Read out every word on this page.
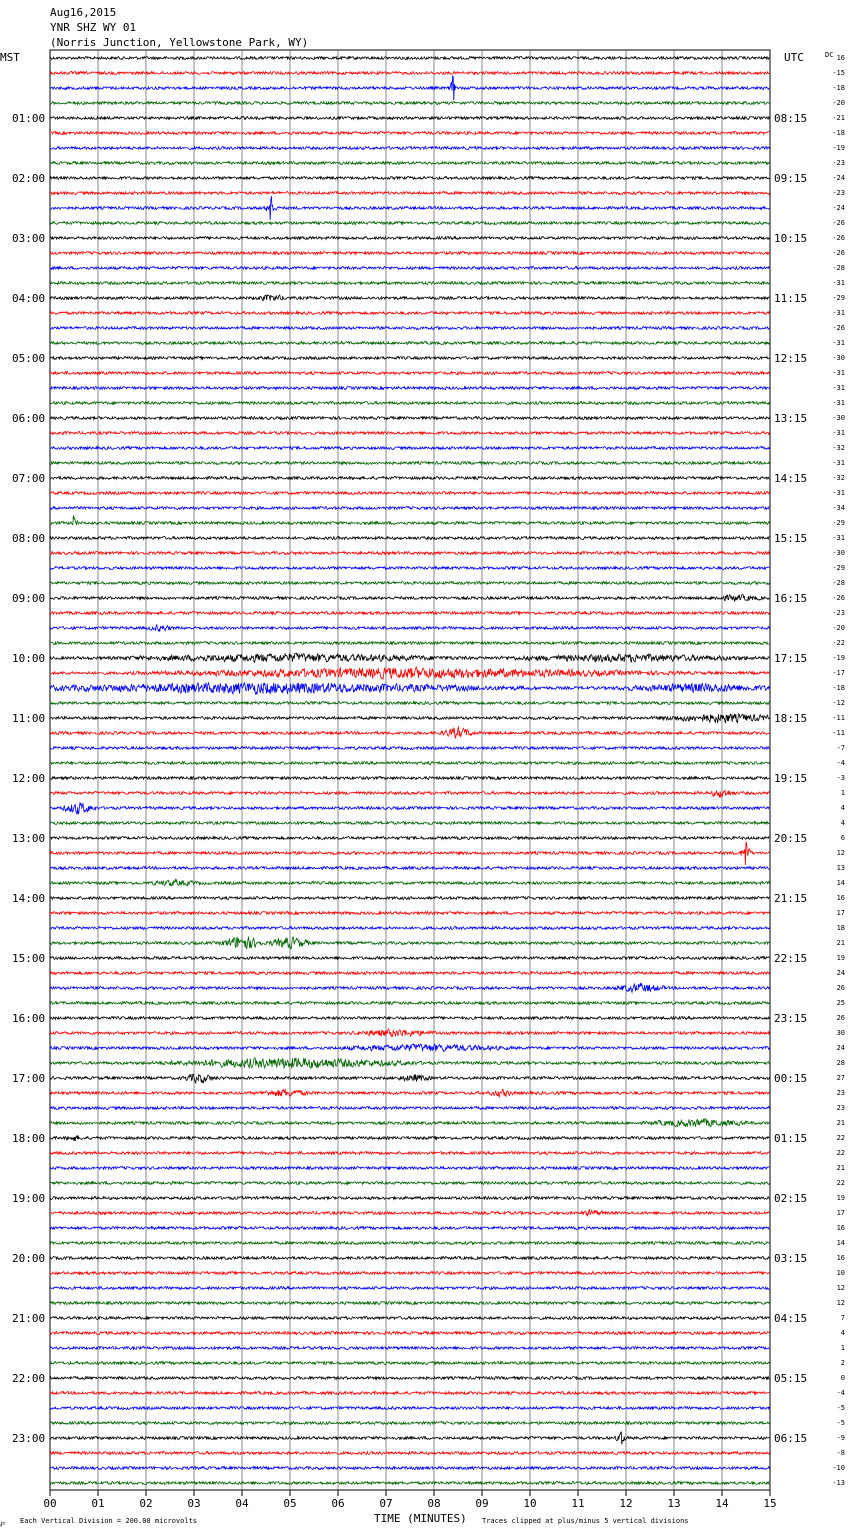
Aug16,2015
YNR SHZ WY 01
(Norris Junction, Yellowstone Park, WY)
MST	UTC	DC
01:00
02:00
03:00
04:00
05:00
06:00
07:00
08:00
09:00
10:00
11:00
12:00
13:00
14:00
15:00
16:00
17:00
18:00
19:00
20:00
21:00
22:00
23:00
08:15
09:15
10:15
11:15
12:15
13:15
14:15
15:15
16:15
17:15
18:15
19:15
20:15
21:15
22:15
23:15
00:15
01:15
02:15
03:15
04:15
05:15
06:15
16
-15
-18
-20
-21
-18
-19
-23
-24
-23
-24
-26
-26
-26
-28
-31
-29
-31
-26
-31
-30
-31
-31
-31
-30
-31
-32
-31
-32
-31
-34
-29
-31
-30
-29
-28
-26
-23
-20
-22
-19
-17
-18
-12
-11
-11
-7
-4
-3
1
4
4
6
12
13
14
16
17
18
21
19
24
26
25
26
30
24
28
27
23
23
21
22
22
21
22
19
17
16
14
16
10
12
12
7
4
1
2
0
-4
-5
-5
-9
-8
-10
-13
00	01	02	03	04	05	06	07	08	09	10	11	12	13	14	15
TIME (MINUTES)
Each Vertical Division = 200.00 microvolts	Traces clipped at plus/minus 5 vertical divisions
℘
